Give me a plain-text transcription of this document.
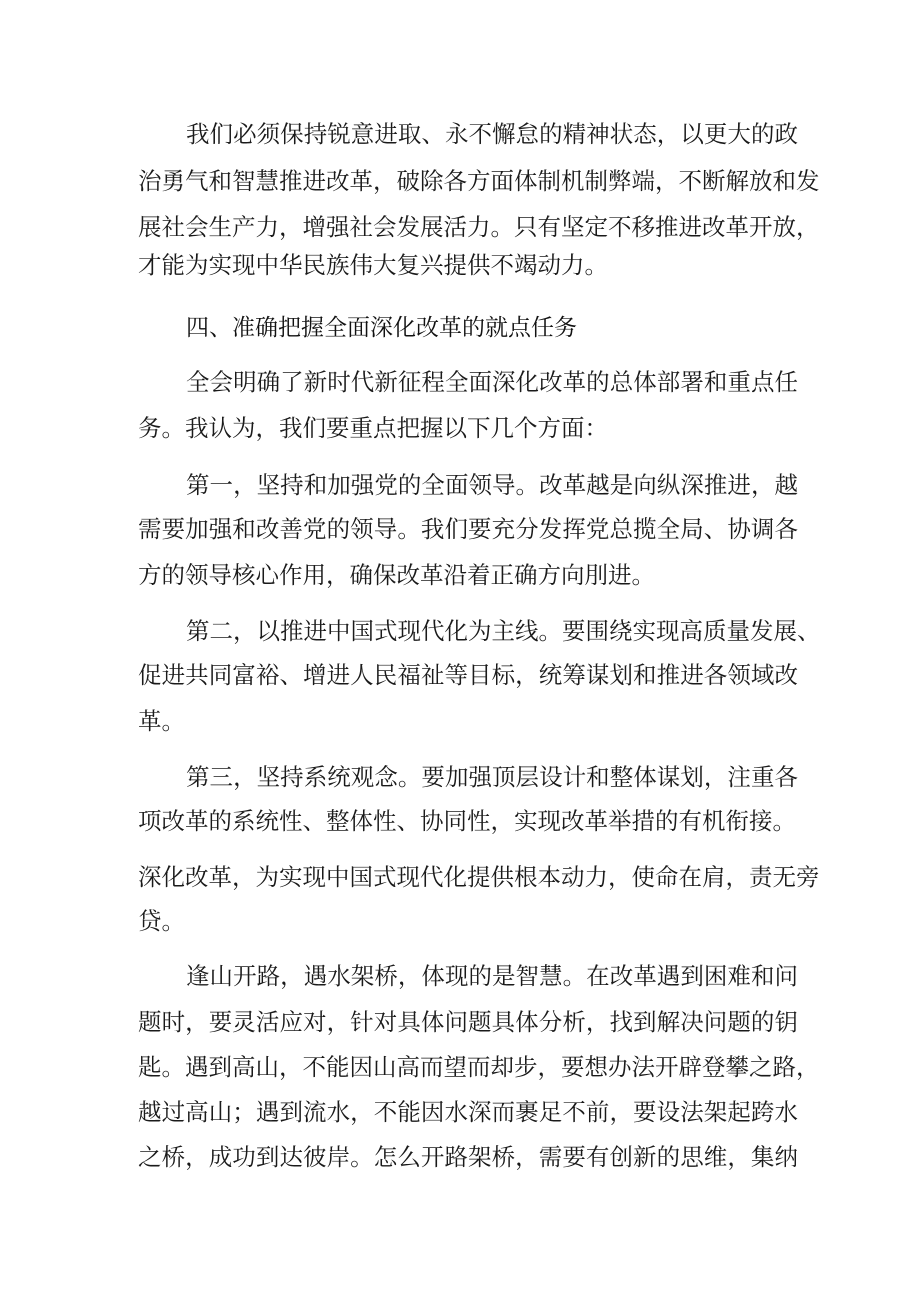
我们必须保持锐意进取、永不懈怠的精神状态，以更大的政

治勇气和智慧推进改革，破除各方面体制机制弊端，不断解放和发

展社会生产力，增强社会发展活力。只有坚定不移推进改革开放，

才能为实现中华民族伟大复兴提供不竭动力。

四、准确把握全面深化改革的就点任务

全会明确了新时代新征程全面深化改革的总体部署和重点任

务。我认为，我们要重点把握以下几个方面：

第一，坚持和加强党的全面领导。改革越是向纵深推进，越

需要加强和改善党的领导。我们要充分发挥党总揽全局、协调各

方的领导核心作用，确保改革沿着正确方向刖进。

第二，以推进中国式现代化为主线。要围绕实现高质量发展、

促进共同富裕、增进人民福祉等目标，统筹谋划和推进各领域改

革。

第三，坚持系统观念。要加强顶层设计和整体谋划，注重各

项改革的系统性、整体性、协同性，实现改革举措的有机衔接。

深化改革，为实现中国式现代化提供根本动力，使命在肩，责无旁

贷。

逢山开路，遇水架桥，体现的是智慧。在改革遇到困难和问

题时，要灵活应对，针对具体问题具体分析，找到解决问题的钥

匙。遇到高山，不能因山高而望而却步，要想办法开辟登攀之路，

越过高山；遇到流水，不能因水深而裹足不前，要设法架起跨水

之桥，成功到达彼岸。怎么开路架桥，需要有创新的思维，集纳
